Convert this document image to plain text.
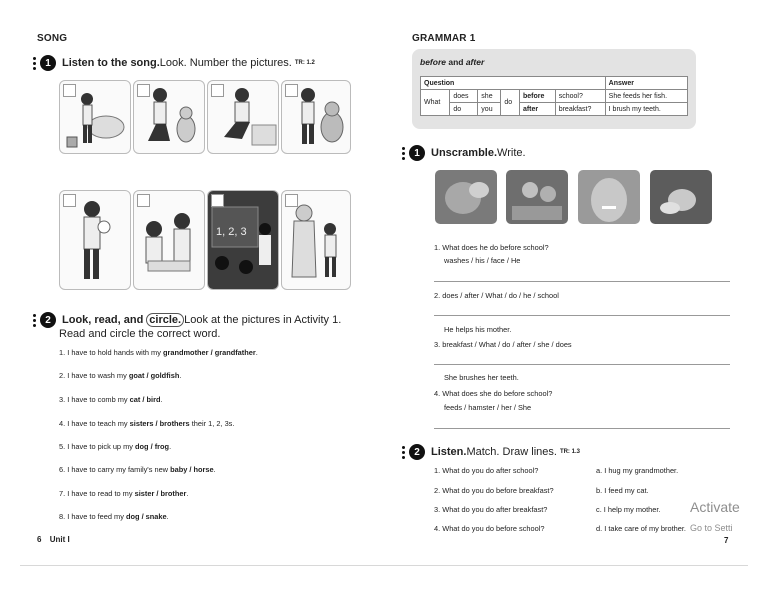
SONG
1	Listen to the song. Look. Number the pictures. TR: 1.2
1, 2, 3
2	Look, read, and circle. Look at the pictures in Activity 1.
Read and circle the correct word.
1. I have to hold hands with my grandmother / grandfather.
2. I have to wash my goat / goldfish.
3. I have to comb my cat / bird.
4. I have to teach my sisters / brothers their 1, 2, 3s.
5. I have to pick up my dog / frog.
6. I have to carry my family's new baby / horse.
7. I have to read to my sister / brother.
8. I have to feed my dog / snake.
6 Unit I
GRAMMAR 1
before and after
Question						Answer
What	does	she	do	before	school?	She feeds her fish.
	do	you		after	breakfast?	I brush my teeth.
1	Unscramble. Write.
1. What does he do before school?
washes / his / face / He
2. does / after / What / do / he / school
He helps his mother.
3. breakfast / What / do / after / she / does
She brushes her teeth.
4. What does she do before school?
feeds / hamster / her / She
2	Listen. Match. Draw lines. TR: 1.3
1. What do you do after school?	a. I hug my grandmother.
2. What do you do before breakfast?	b. I feed my cat.
3. What do you do after breakfast?	c. I help my mother.
4. What do you do before school?	d. I take care of my brother.
7
Activate
Go to Setti
